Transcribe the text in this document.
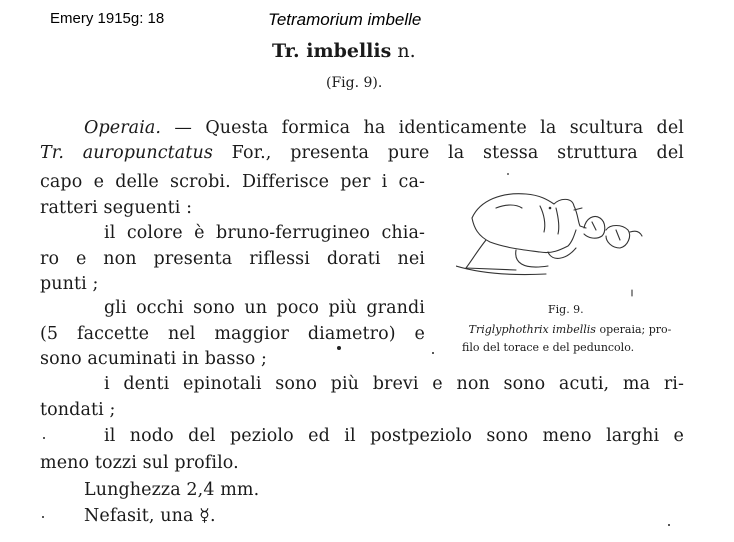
Emery 1915g: 18	Tetramorium imbelle
Tr. imbellis n.
(Fig. 9).
Operaia. — Questa formica ha identicamente la scultura del
Tr. auropunctatus For., presenta pure la stessa struttura del
capo e delle scrobi. Differisce per i ca-
ratteri seguenti :
il colore è bruno-ferrugineo chia-
ro e non presenta riflessi dorati nei
punti ;
gli occhi sono un poco più grandi
(5 faccette nel maggior diametro) e
sono acuminati in basso ;
i denti epinotali sono più brevi e non sono acuti, ma ri-
tondati ;
il nodo del peziolo ed il postpeziolo sono meno larghi e
meno tozzi sul profilo.
Lunghezza 2,4 mm.
Nefasit, una ☿.
Fig. 9.
Triglyphothrix imbellis operaia; pro-
filo del torace e del peduncolo.
